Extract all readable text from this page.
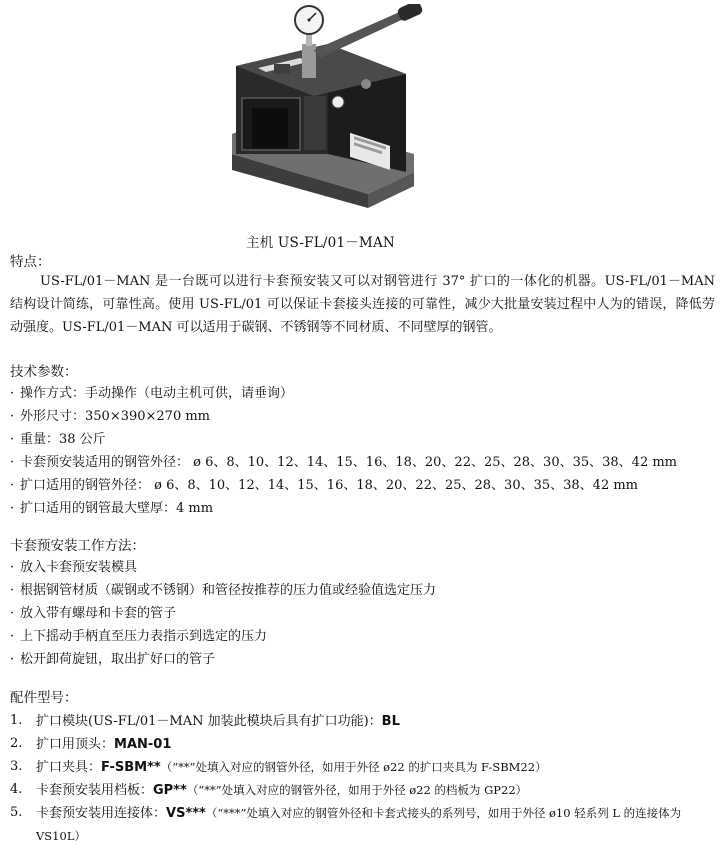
主机 US-FL/01－MAN
特点：
US-FL/01－MAN 是一台既可以进行卡套预安装又可以对钢管进行 37° 扩口的一体化的机器。US-FL/01－MAN 结构设计简练，可靠性高。使用 US-FL/01 可以保证卡套接头连接的可靠性，减少大批量安装过程中人为的错误，降低劳动强度。US-FL/01－MAN 可以适用于碳钢、不锈钢等不同材质、不同壁厚的钢管。
技术参数：
· 操作方式：手动操作（电动主机可供，请垂询）
· 外形尺寸：350×390×270 mm
· 重量：38 公斤
· 卡套预安装适用的钢管外径： ø 6、8、10、12、14、15、16、18、20、22、25、28、30、35、38、42 mm
· 扩口适用的钢管外径： ø 6、8、10、12、14、15、16、18、20、22、25、28、30、35、38、42 mm
· 扩口适用的钢管最大壁厚：4 mm
卡套预安装工作方法：
· 放入卡套预安装模具
· 根据钢管材质（碳钢或不锈钢）和管径按推荐的压力值或经验值选定压力
· 放入带有螺母和卡套的管子
· 上下摇动手柄直至压力表指示到选定的压力
· 松开卸荷旋钮，取出扩好口的管子
配件型号：
1. 扩口模块(US-FL/01－MAN 加装此模块后具有扩口功能)：BL
2. 扩口用顶头：MAN-01
3. 扩口夹具：F-SBM**（“**”处填入对应的钢管外径，如用于外径 ø22 的扩口夹具为 F-SBM22）
4. 卡套预安装用档板：GP**（“**”处填入对应的钢管外径，如用于外径 ø22 的档板为 GP22）
5. 卡套预安装用连接体：VS***（“***”处填入对应的钢管外径和卡套式接头的系列号，如用于外径 ø10 轻系列 L 的连接体为 VS10L）
